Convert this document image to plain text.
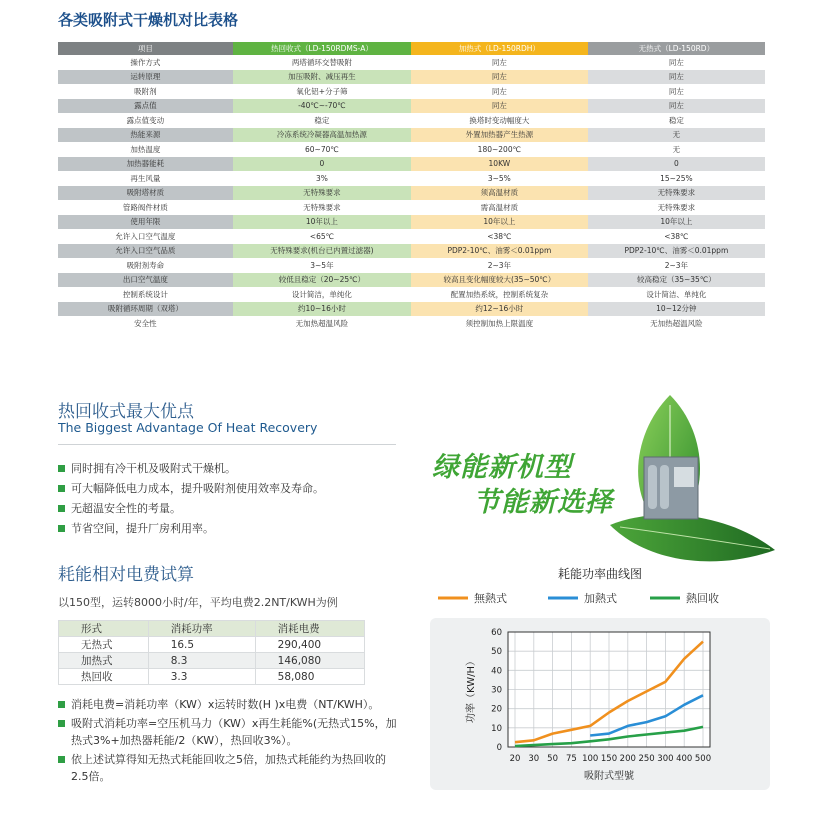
各类吸附式干燥机对比表格
项目	热回收式（LD-150RDMS-A）	加热式（LD-150RDH）	无热式（LD-150RD）
操作方式	两塔循环交替吸附	同左	同左
运转原理	加压吸附、减压再生	同左	同左
吸附剂	氧化铝+分子筛	同左	同左
露点值	-40℃~-70℃	同左	同左
露点值变动	稳定	换塔时变动幅度大	稳定
热能来源	冷冻系统冷凝器高温加热源	外置加热器产生热源	无
加热温度	60~70℃	180~200℃	无
加热器能耗	0	10KW	0
再生风量	3%	3~5%	15~25%
吸附塔材质	无特殊要求	须高温材质	无特殊要求
管路阀件材质	无特殊要求	需高温材质	无特殊要求
使用年限	10年以上	10年以上	10年以上
允许入口空气温度	<65℃	<38℃	<38℃
允许入口空气品质	无特殊要求(机台已内置过滤器)	PDP2-10℃、油雾＜0.01ppm	PDP2-10℃、油雾＜0.01ppm
吸附剂寿命	3~5年	2~3年	2~3年
出口空气温度	较低且稳定（20~25℃）	较高且变化幅度较大(35~50℃）	较高稳定（35~35℃）
控制系统设计	设计简洁，单纯化	配置加热系统，控制系统复杂	设计简洁、单纯化
吸附循环周期（双塔）	约10~16小时	约12~16小时	10~12分钟
安全性	无加热超温风险	须控制加热上限温度	无加热超温风险
热回收式最大优点
The Biggest Advantage Of Heat Recovery
同时拥有冷干机及吸附式干燥机。
可大幅降低电力成本，提升吸附剂使用效率及寿命。
无超温安全性的考量。
节省空间，提升厂房利用率。
绿能新机型
节能新选择
耗能相对电费试算
以150型，运转8000小时/年，平均电费2.2NT/KWH为例
形式	消耗功率	消耗电费
无热式	16.5	290,400
加热式	8.3	146,080
热回收	3.3	58,080
消耗电费=消耗功率（KW）x运转时数(H )x电费（NT/KWH）。
吸附式消耗功率=空压机马力（KW）x再生耗能%(无热式15%，加热式3%+加热器耗能/2（KW），热回收3%）。
依上述试算得知无热式耗能回收之5倍，加热式耗能约为热回收的2.5倍。
耗能功率曲线图
無熱式	加熱式	熱回收
0
10
20
30
40
50
60
20 30 50 75 100 150 200 250 300 400 500
功率（KW/H）
吸附式型號
